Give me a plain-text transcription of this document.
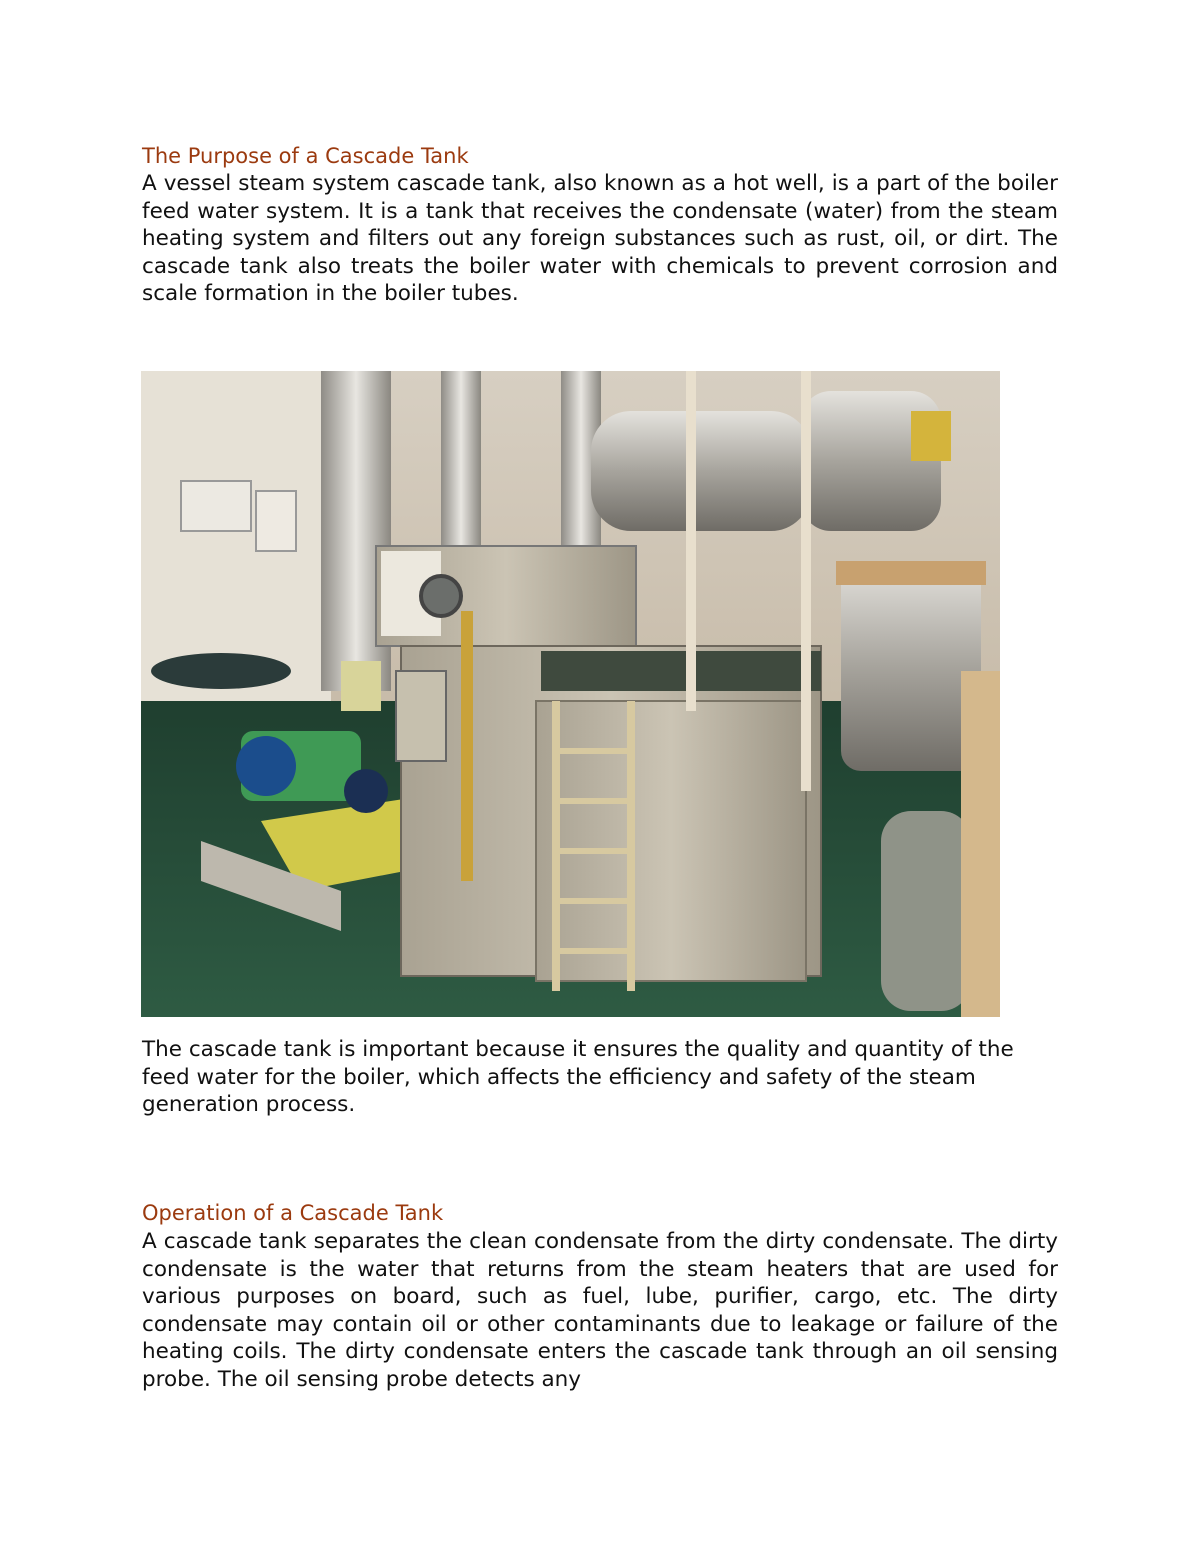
The Purpose of a Cascade Tank

A vessel steam system cascade tank, also known as a hot well, is a part of the boiler feed water system. It is a tank that receives the condensate (water) from the steam heating system and filters out any foreign substances such as rust, oil, or dirt. The cascade tank also treats the boiler water with chemicals to prevent corrosion and scale formation in the boiler tubes.

The cascade tank is important because it ensures the quality and quantity of the feed water for the boiler, which affects the efficiency and safety of the steam generation process.

Operation of a Cascade Tank

A cascade tank separates the clean condensate from the dirty condensate. The dirty condensate is the water that returns from the steam heaters that are used for various purposes on board, such as fuel, lube, purifier, cargo, etc. The dirty condensate may contain oil or other contaminants due to leakage or failure of the heating coils. The dirty condensate enters the cascade tank through an oil sensing probe. The oil sensing probe detects any
